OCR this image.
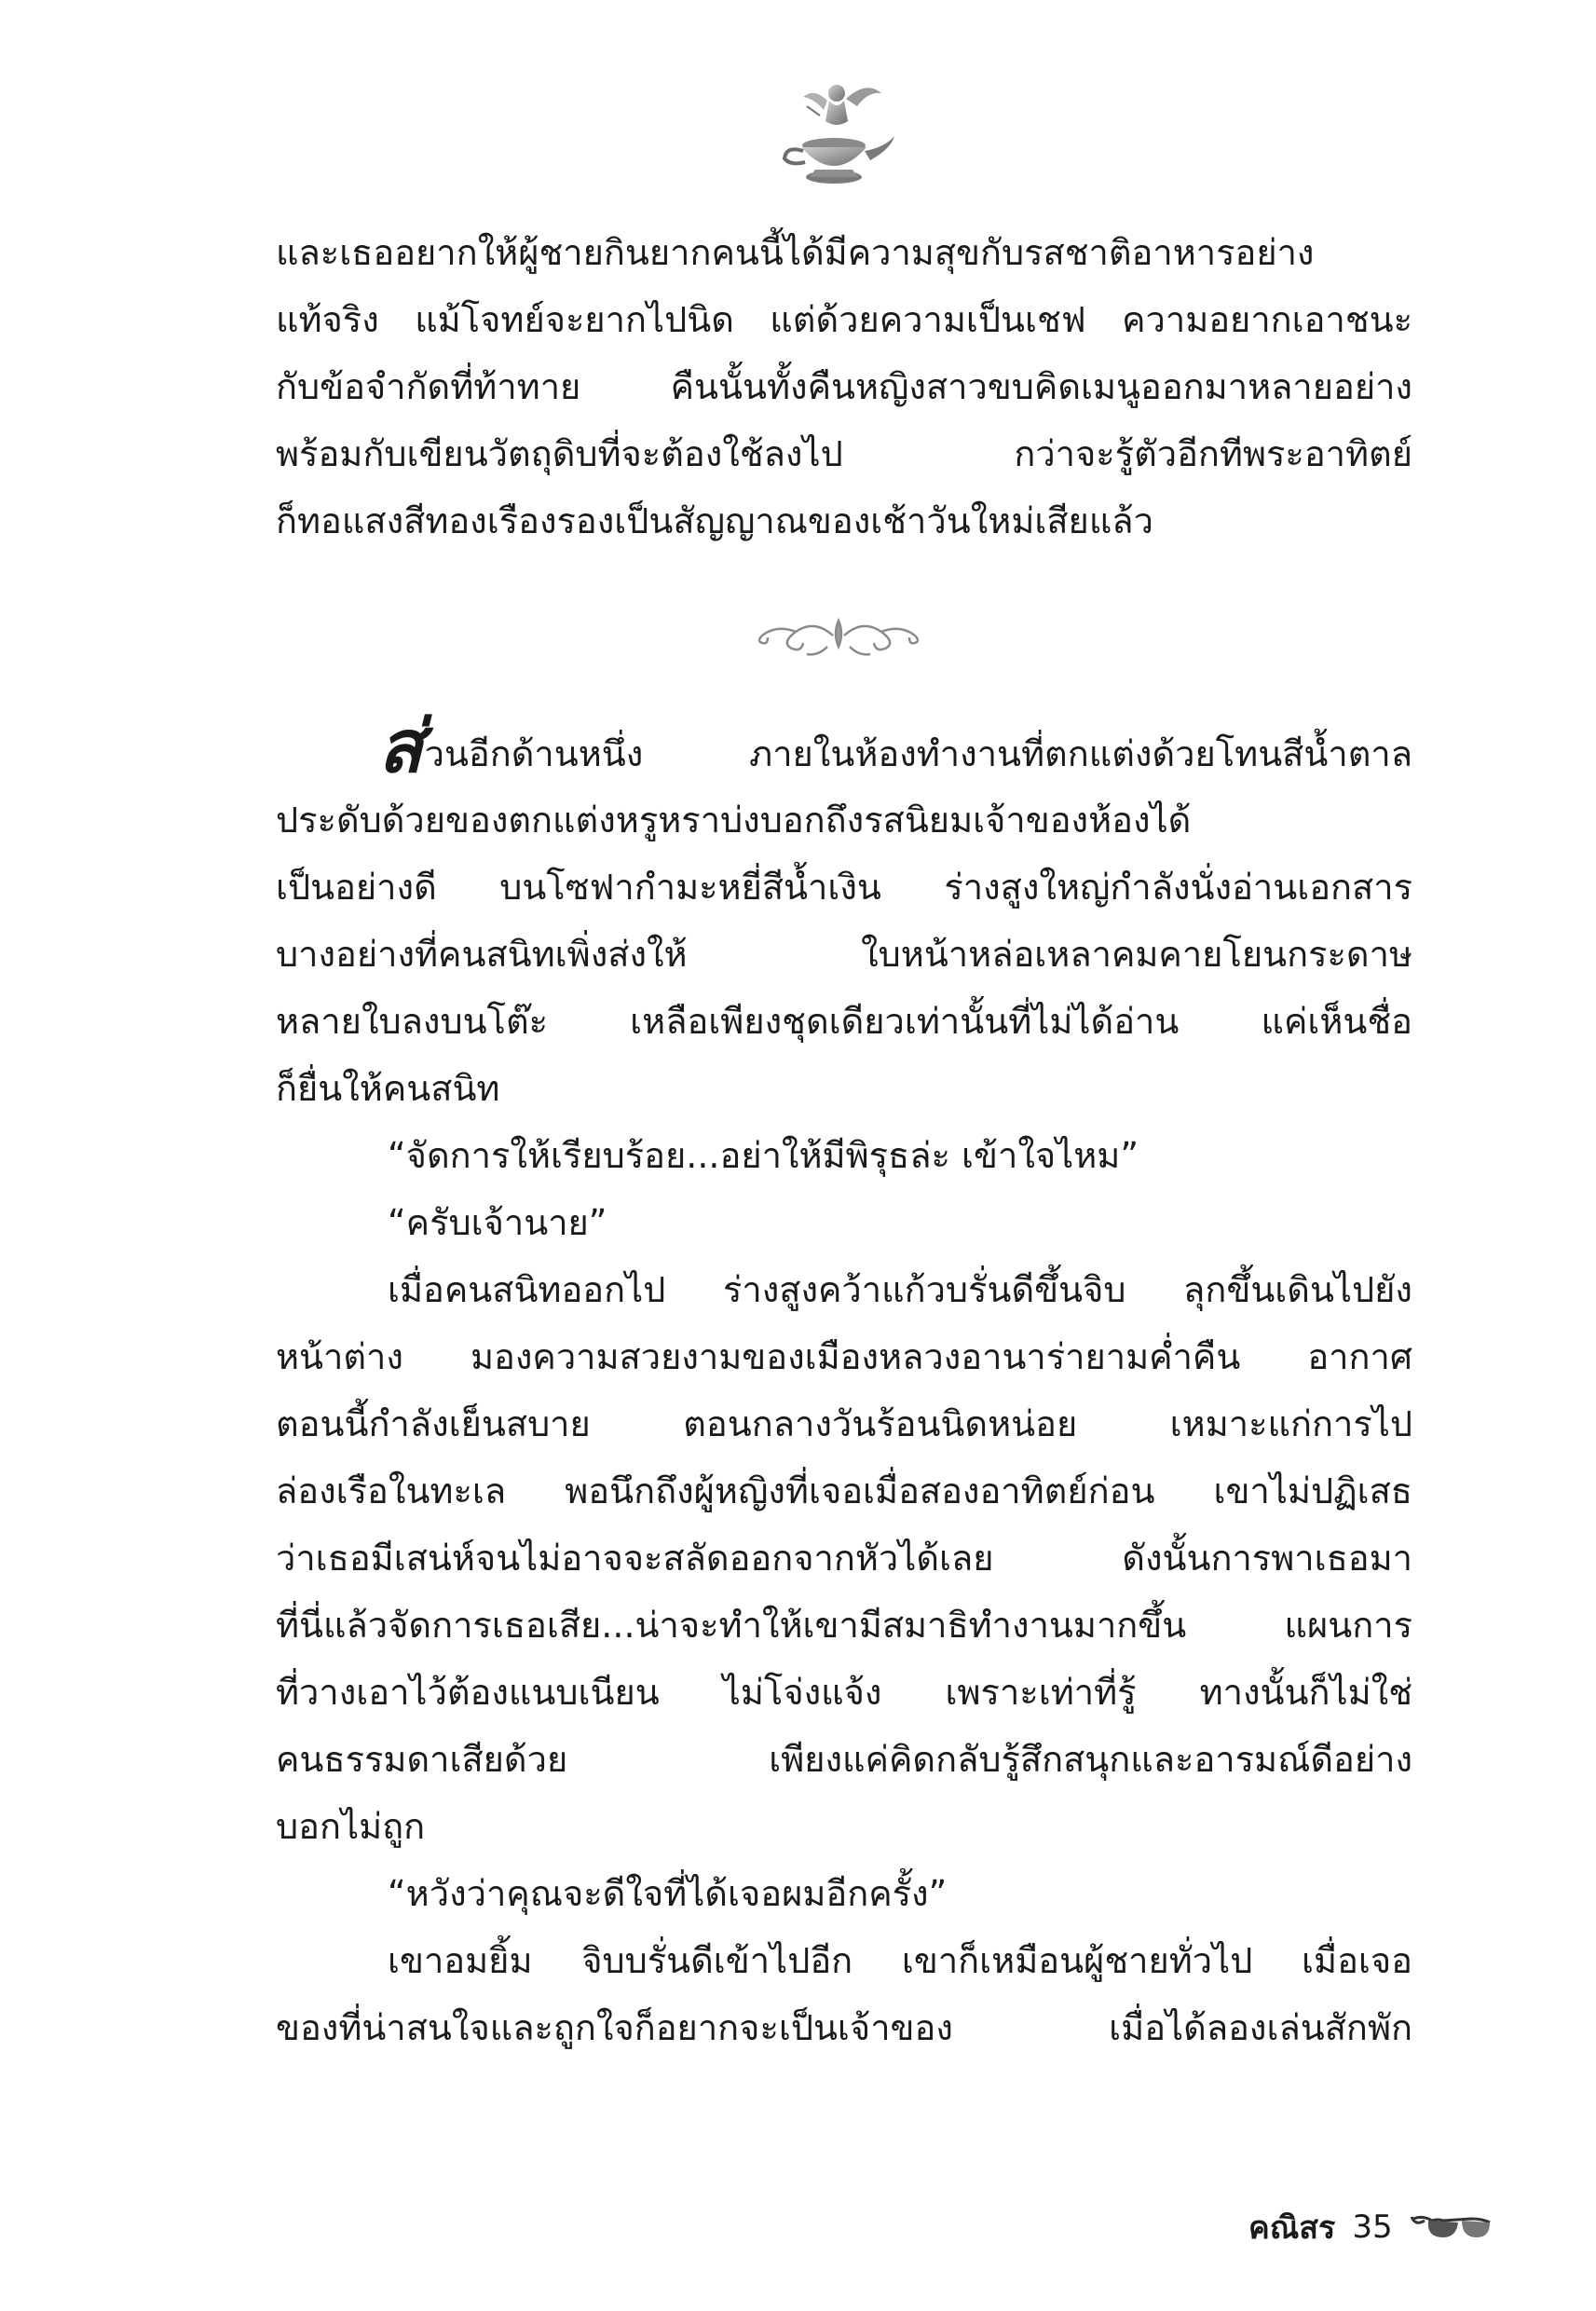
และเธออยากให้ผู้ชายกินยากคนนี้ได้มีความสุขกับรสชาติอาหารอย่าง
แท้จริง แม้โจทย์จะยากไปนิด แต่ด้วยความเป็นเชฟ ความอยากเอาชนะ
กับข้อจำกัดที่ท้าทาย คืนนั้นทั้งคืนหญิงสาวขบคิดเมนูออกมาหลายอย่าง
พร้อมกับเขียนวัตถุดิบที่จะต้องใช้ลงไป กว่าจะรู้ตัวอีกทีพระอาทิตย์
ก็ทอแสงสีทองเรืองรองเป็นสัญญาณของเช้าวันใหม่เสียแล้ว
ส่วนอีกด้านหนึ่ง ภายในห้องทำงานที่ตกแต่งด้วยโทนสีน้ำตาล
ประดับด้วยของตกแต่งหรูหราบ่งบอกถึงรสนิยมเจ้าของห้องได้
เป็นอย่างดี บนโซฟากำมะหยี่สีน้ำเงิน ร่างสูงใหญ่กำลังนั่งอ่านเอกสาร
บางอย่างที่คนสนิทเพิ่งส่งให้ ใบหน้าหล่อเหลาคมคายโยนกระดาษ
หลายใบลงบนโต๊ะ เหลือเพียงชุดเดียวเท่านั้นที่ไม่ได้อ่าน แค่เห็นชื่อ
ก็ยื่นให้คนสนิท
“จัดการให้เรียบร้อย...อย่าให้มีพิรุธล่ะ เข้าใจไหม”
“ครับเจ้านาย”
เมื่อคนสนิทออกไป ร่างสูงคว้าแก้วบรั่นดีขึ้นจิบ ลุกขึ้นเดินไปยัง
หน้าต่าง มองความสวยงามของเมืองหลวงอานาร่ายามค่ำคืน อากาศ
ตอนนี้กำลังเย็นสบาย ตอนกลางวันร้อนนิดหน่อย เหมาะแก่การไป
ล่องเรือในทะเล พอนึกถึงผู้หญิงที่เจอเมื่อสองอาทิตย์ก่อน เขาไม่ปฏิเสธ
ว่าเธอมีเสน่ห์จนไม่อาจจะสลัดออกจากหัวได้เลย ดังนั้นการพาเธอมา
ที่นี่แล้วจัดการเธอเสีย...น่าจะทำให้เขามีสมาธิทำงานมากขึ้น แผนการ
ที่วางเอาไว้ต้องแนบเนียน ไม่โจ่งแจ้ง เพราะเท่าที่รู้ ทางนั้นก็ไม่ใช่
คนธรรมดาเสียด้วย เพียงแค่คิดกลับรู้สึกสนุกและอารมณ์ดีอย่าง
บอกไม่ถูก
“หวังว่าคุณจะดีใจที่ได้เจอผมอีกครั้ง”
เขาอมยิ้ม จิบบรั่นดีเข้าไปอีก เขาก็เหมือนผู้ชายทั่วไป เมื่อเจอ
ของที่น่าสนใจและถูกใจก็อยากจะเป็นเจ้าของ เมื่อได้ลองเล่นสักพัก
คณิสร 35
